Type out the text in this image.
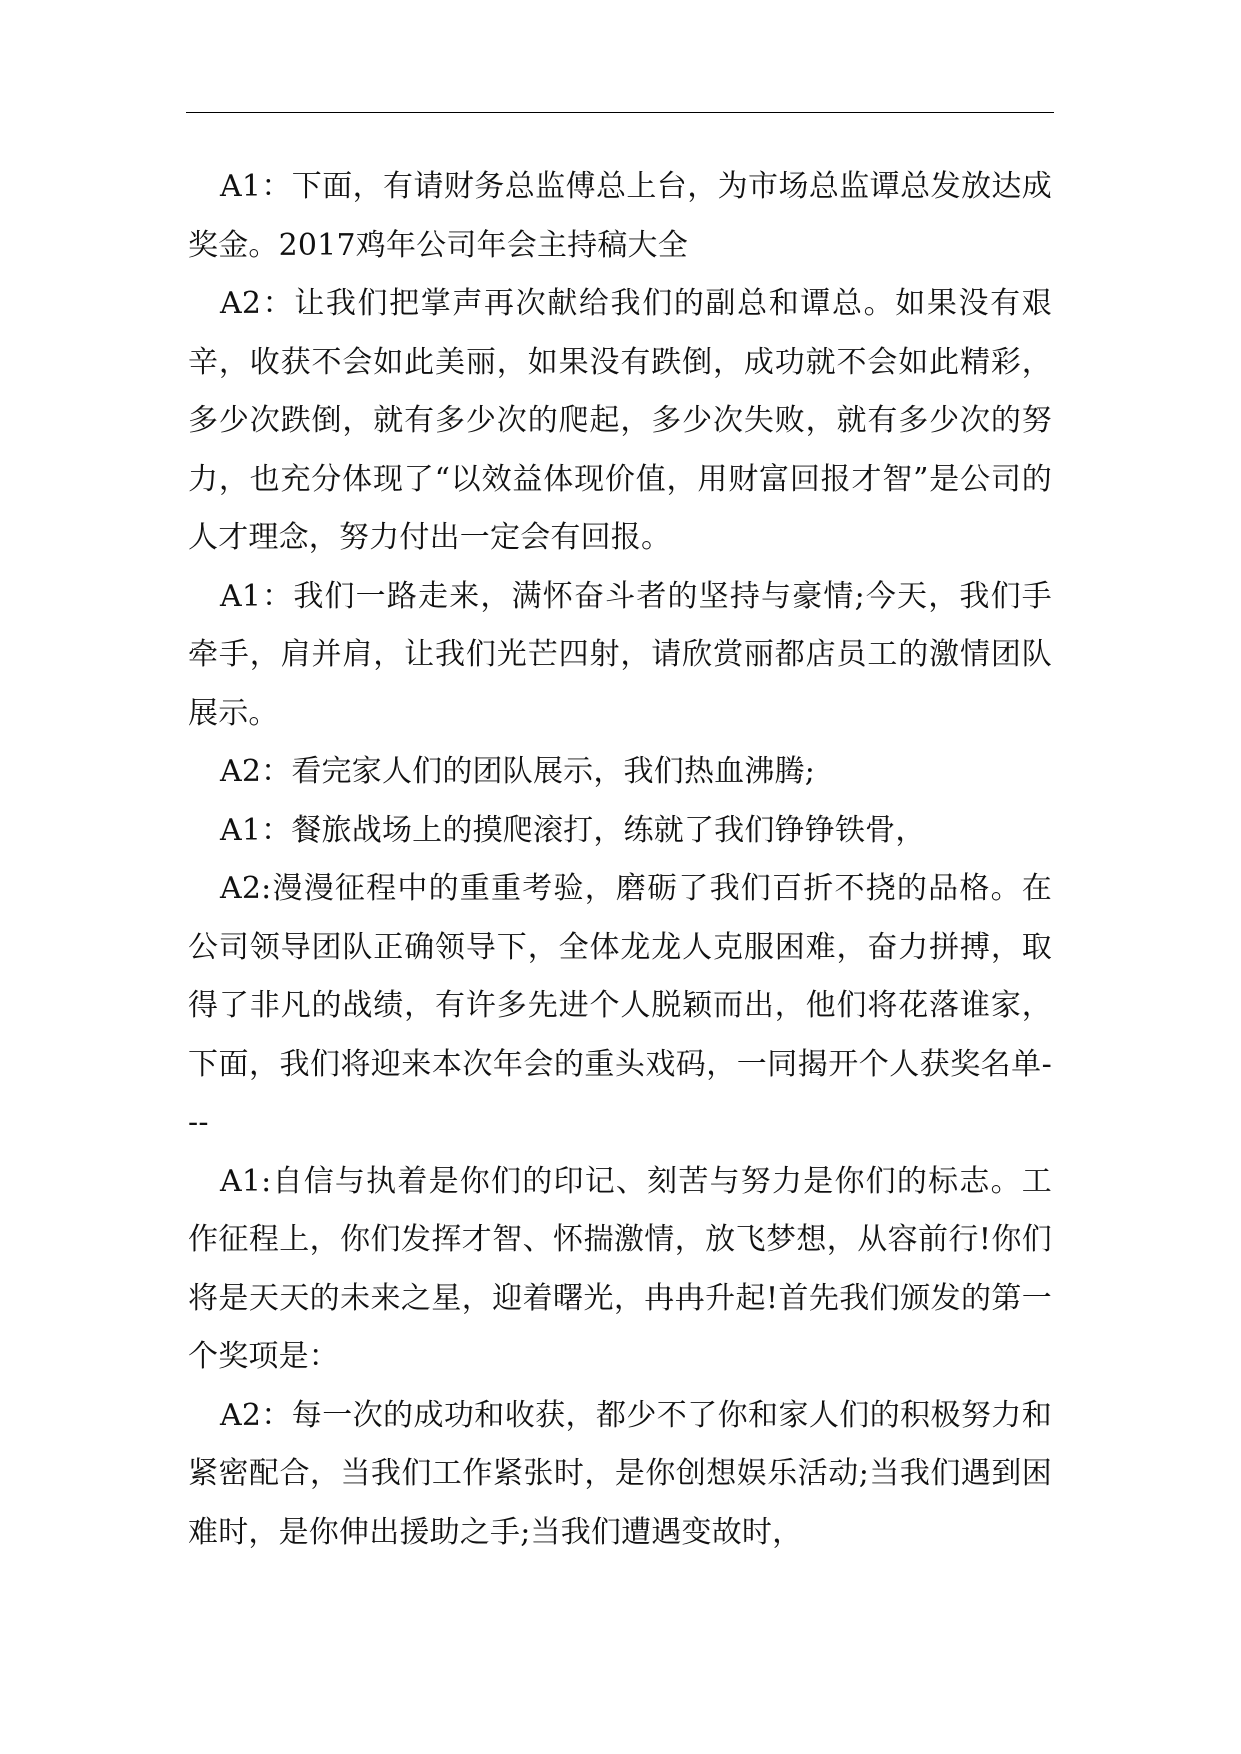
A1：下面，有请财务总监傅总上台，为市场总监谭总发放达成奖金。2017鸡年公司年会主持稿大全

A2：让我们把掌声再次献给我们的副总和谭总。如果没有艰辛，收获不会如此美丽，如果没有跌倒，成功就不会如此精彩，多少次跌倒，就有多少次的爬起，多少次失败，就有多少次的努力，也充分体现了“以效益体现价值，用财富回报才智”是公司的人才理念，努力付出一定会有回报。

A1：我们一路走来，满怀奋斗者的坚持与豪情;今天，我们手牵手，肩并肩，让我们光芒四射，请欣赏丽都店员工的激情团队展示。

A2：看完家人们的团队展示，我们热血沸腾;

A1：餐旅战场上的摸爬滚打，练就了我们铮铮铁骨，

A2:漫漫征程中的重重考验，磨砺了我们百折不挠的品格。在公司领导团队正确领导下，全体龙龙人克服困难，奋力拼搏，取得了非凡的战绩，有许多先进个人脱颖而出，他们将花落谁家，下面，我们将迎来本次年会的重头戏码，一同揭开个人获奖名单---

A1:自信与执着是你们的印记、刻苦与努力是你们的标志。工作征程上，你们发挥才智、怀揣激情，放飞梦想，从容前行!你们将是天天的未来之星，迎着曙光，冉冉升起!首先我们颁发的第一个奖项是：

A2：每一次的成功和收获，都少不了你和家人们的积极努力和紧密配合，当我们工作紧张时，是你创想娱乐活动;当我们遇到困难时，是你伸出援助之手;当我们遭遇变故时，
